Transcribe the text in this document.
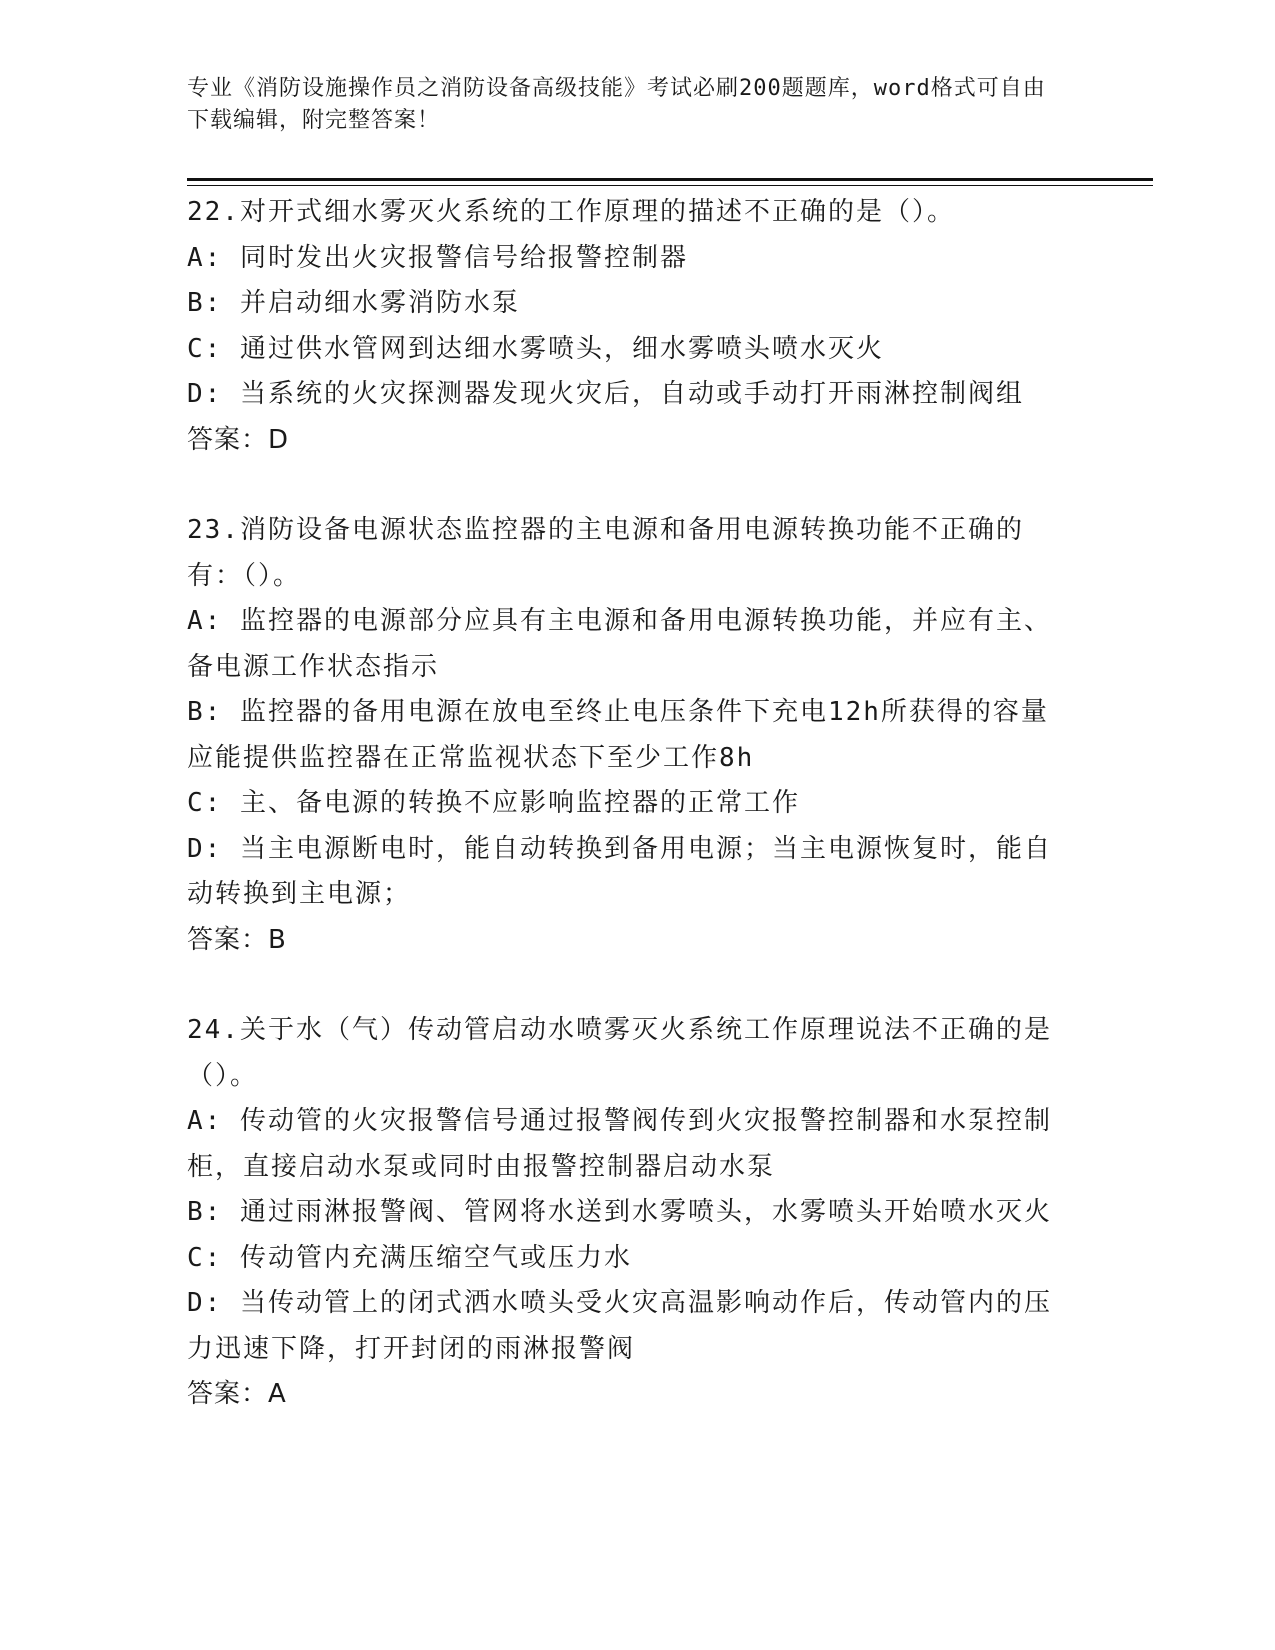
专业《消防设施操作员之消防设备高级技能》考试必刷200题题库，word格式可自由下载编辑，附完整答案！
22.对开式细水雾灭火系统的工作原理的描述不正确的是（）。
A: 同时发出火灾报警信号给报警控制器
B: 并启动细水雾消防水泵
C: 通过供水管网到达细水雾喷头，细水雾喷头喷水灭火
D: 当系统的火灾探测器发现火灾后，自动或手动打开雨淋控制阀组
答案：D
23.消防设备电源状态监控器的主电源和备用电源转换功能不正确的有：（）。
A: 监控器的电源部分应具有主电源和备用电源转换功能，并应有主、备电源工作状态指示
B: 监控器的备用电源在放电至终止电压条件下充电12h所获得的容量应能提供监控器在正常监视状态下至少工作8h
C: 主、备电源的转换不应影响监控器的正常工作
D: 当主电源断电时，能自动转换到备用电源；当主电源恢复时，能自动转换到主电源；
答案：B
24.关于水（气）传动管启动水喷雾灭火系统工作原理说法不正确的是（）。
A: 传动管的火灾报警信号通过报警阀传到火灾报警控制器和水泵控制柜，直接启动水泵或同时由报警控制器启动水泵
B: 通过雨淋报警阀、管网将水送到水雾喷头，水雾喷头开始喷水灭火
C: 传动管内充满压缩空气或压力水
D: 当传动管上的闭式洒水喷头受火灾高温影响动作后，传动管内的压力迅速下降，打开封闭的雨淋报警阀
答案：A
